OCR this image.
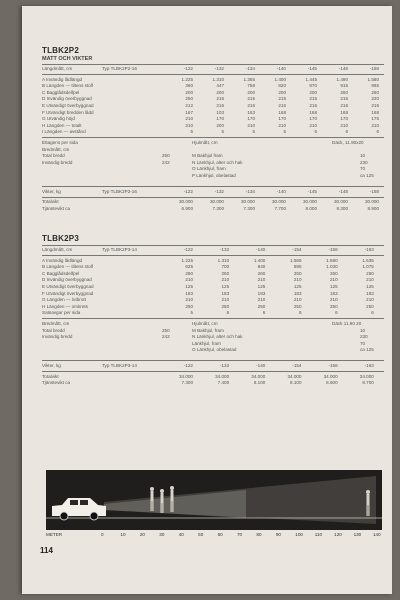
TLBK2P2
MATT OCH VIKTER
Längdmått, cm	Typ TLBK2P2-16	-122	-132	-134	-140	-145	-148	-158
A Invändig lådlängd	1.225	1.310	1.355	1.400	1.445	1.490	1.580
B Längden — tiltens stolf	360	447	758	820	870	915	965
C Bagglådsdelfpel	200	200	200	200	200	260	260
D Invändig överbyggnad	250	215	215	215	215	215	220
E Utvändigt överbyggnad	212	216	216	216	216	216	216
F Utvändigt bredden lådd	167	103	163	168	168	168	168
G Utvändig höjd	210	170	170	170	170	170	175
H Längden — totalt	210	200	210	210	210	210	210
I Längden — avstånd	5	5	5	5	6	6	6
Ettagens per sida	Hjulmått, cm	Däck, 11.90x20
Bredmått, cm
Total bredd	250	M Bakhjul fram	10
Invändig bredd	242	N Länkhjul, alter och hak	230
O Länkhjul, fram	70
P Länkhjul, obelastad	ca 125
Vikter, kg	Typ TLBK2P2-16	-122	-132	-134	-140	-145	-148	-158
Totalvikt	30.000	30.000	30.000	30.000	30.000	30.000	30.000
Tjänstevikt ca	6.900	7.300	7.300	7.700	8.000	8.300	8.900
TLBK2P3
Längdmått, cm	Typ TLBK2P3-14	-122	-132	-140	-154	-158	-163
A Invändig lådlängd	1.225	1.310	1.400	1.565	1.580	1.635
B Längden — tiltens stolf	625	700	840	895	1.030	1.075
C Bagglådsdelfpel	260	260	260	260	260	260
D Invändig överbyggnad	210	210	210	210	210	210
E Utvändigt överbyggnad	125	125	125	125	125	125
F Utvändigt överbyggnad	183	183	183	183	183	183
G Längden — lutbrott	210	210	210	210	210	210
H Längden — omkrets	250	250	250	250	250	250
Satsavgar per sida	5	6	6	6	6	6
Bredmått, cm	Hjulmått, cm	Däck 11.90 20
Total bredd	250	M Bakhjul, fram	10
Invändig bredd	242	N Länkhjul, alter och hak	230
Länkhjul, fram	70
O Länkhjul, obelastad	ca 125
Vikter, kg	Typ TLBK2P3-14	-122	-132	-140	-154	-158	-163
Totalvikt	34.000	34.000	34.000	34.000	34.000	34.000
Tjänstevikt ca	7.300	7.400	8.100	8.100	8.600	8.700
METER	0	10	20	30	40	50	60	70	80	90	100	110	120	130	140
114
